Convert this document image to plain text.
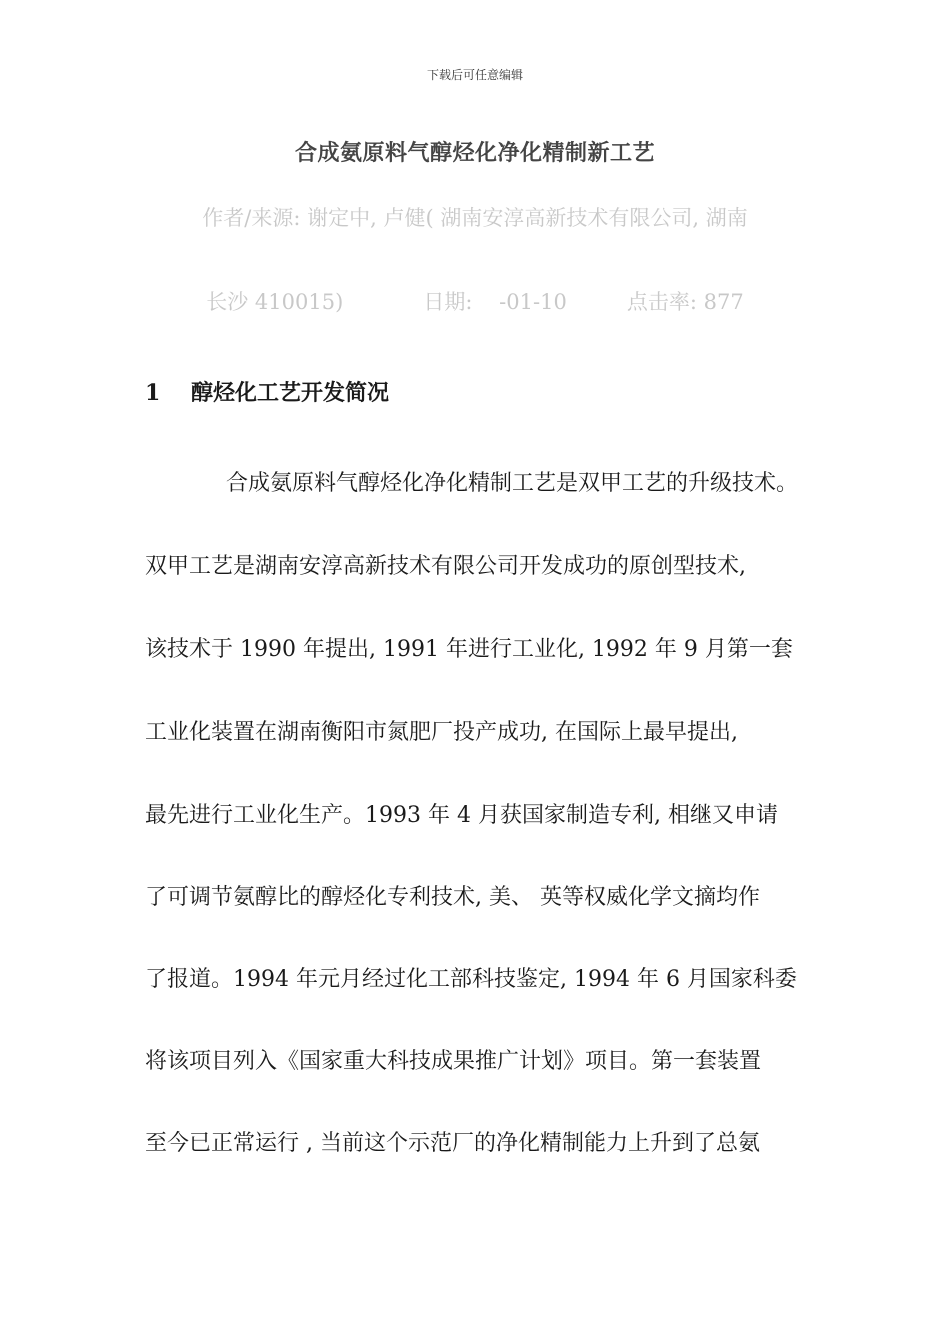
下载后可任意编辑
合成氨原料气醇烃化净化精制新工艺
作者/来源: 谢定中, 卢健( 湖南安淳高新技术有限公司, 湖南
长沙 410015)	日期: -01-10	点击率: 877
1 醇烃化工艺开发简况
合成氨原料气醇烃化净化精制工艺是双甲工艺的升级技术。
双甲工艺是湖南安淳高新技术有限公司开发成功的原创型技术,
该技术于 1990 年提出, 1991 年进行工业化, 1992 年 9 月第一套
工业化装置在湖南衡阳市氮肥厂投产成功, 在国际上最早提出,
最先进行工业化生产。1993 年 4 月获国家制造专利, 相继又申请
了可调节氨醇比的醇烃化专利技术, 美、 英等权威化学文摘均作
了报道。1994 年元月经过化工部科技鉴定, 1994 年 6 月国家科委
将该项目列入《国家重大科技成果推广计划》项目。第一套装置
至今已正常运行 , 当前这个示范厂的净化精制能力上升到了总氨
